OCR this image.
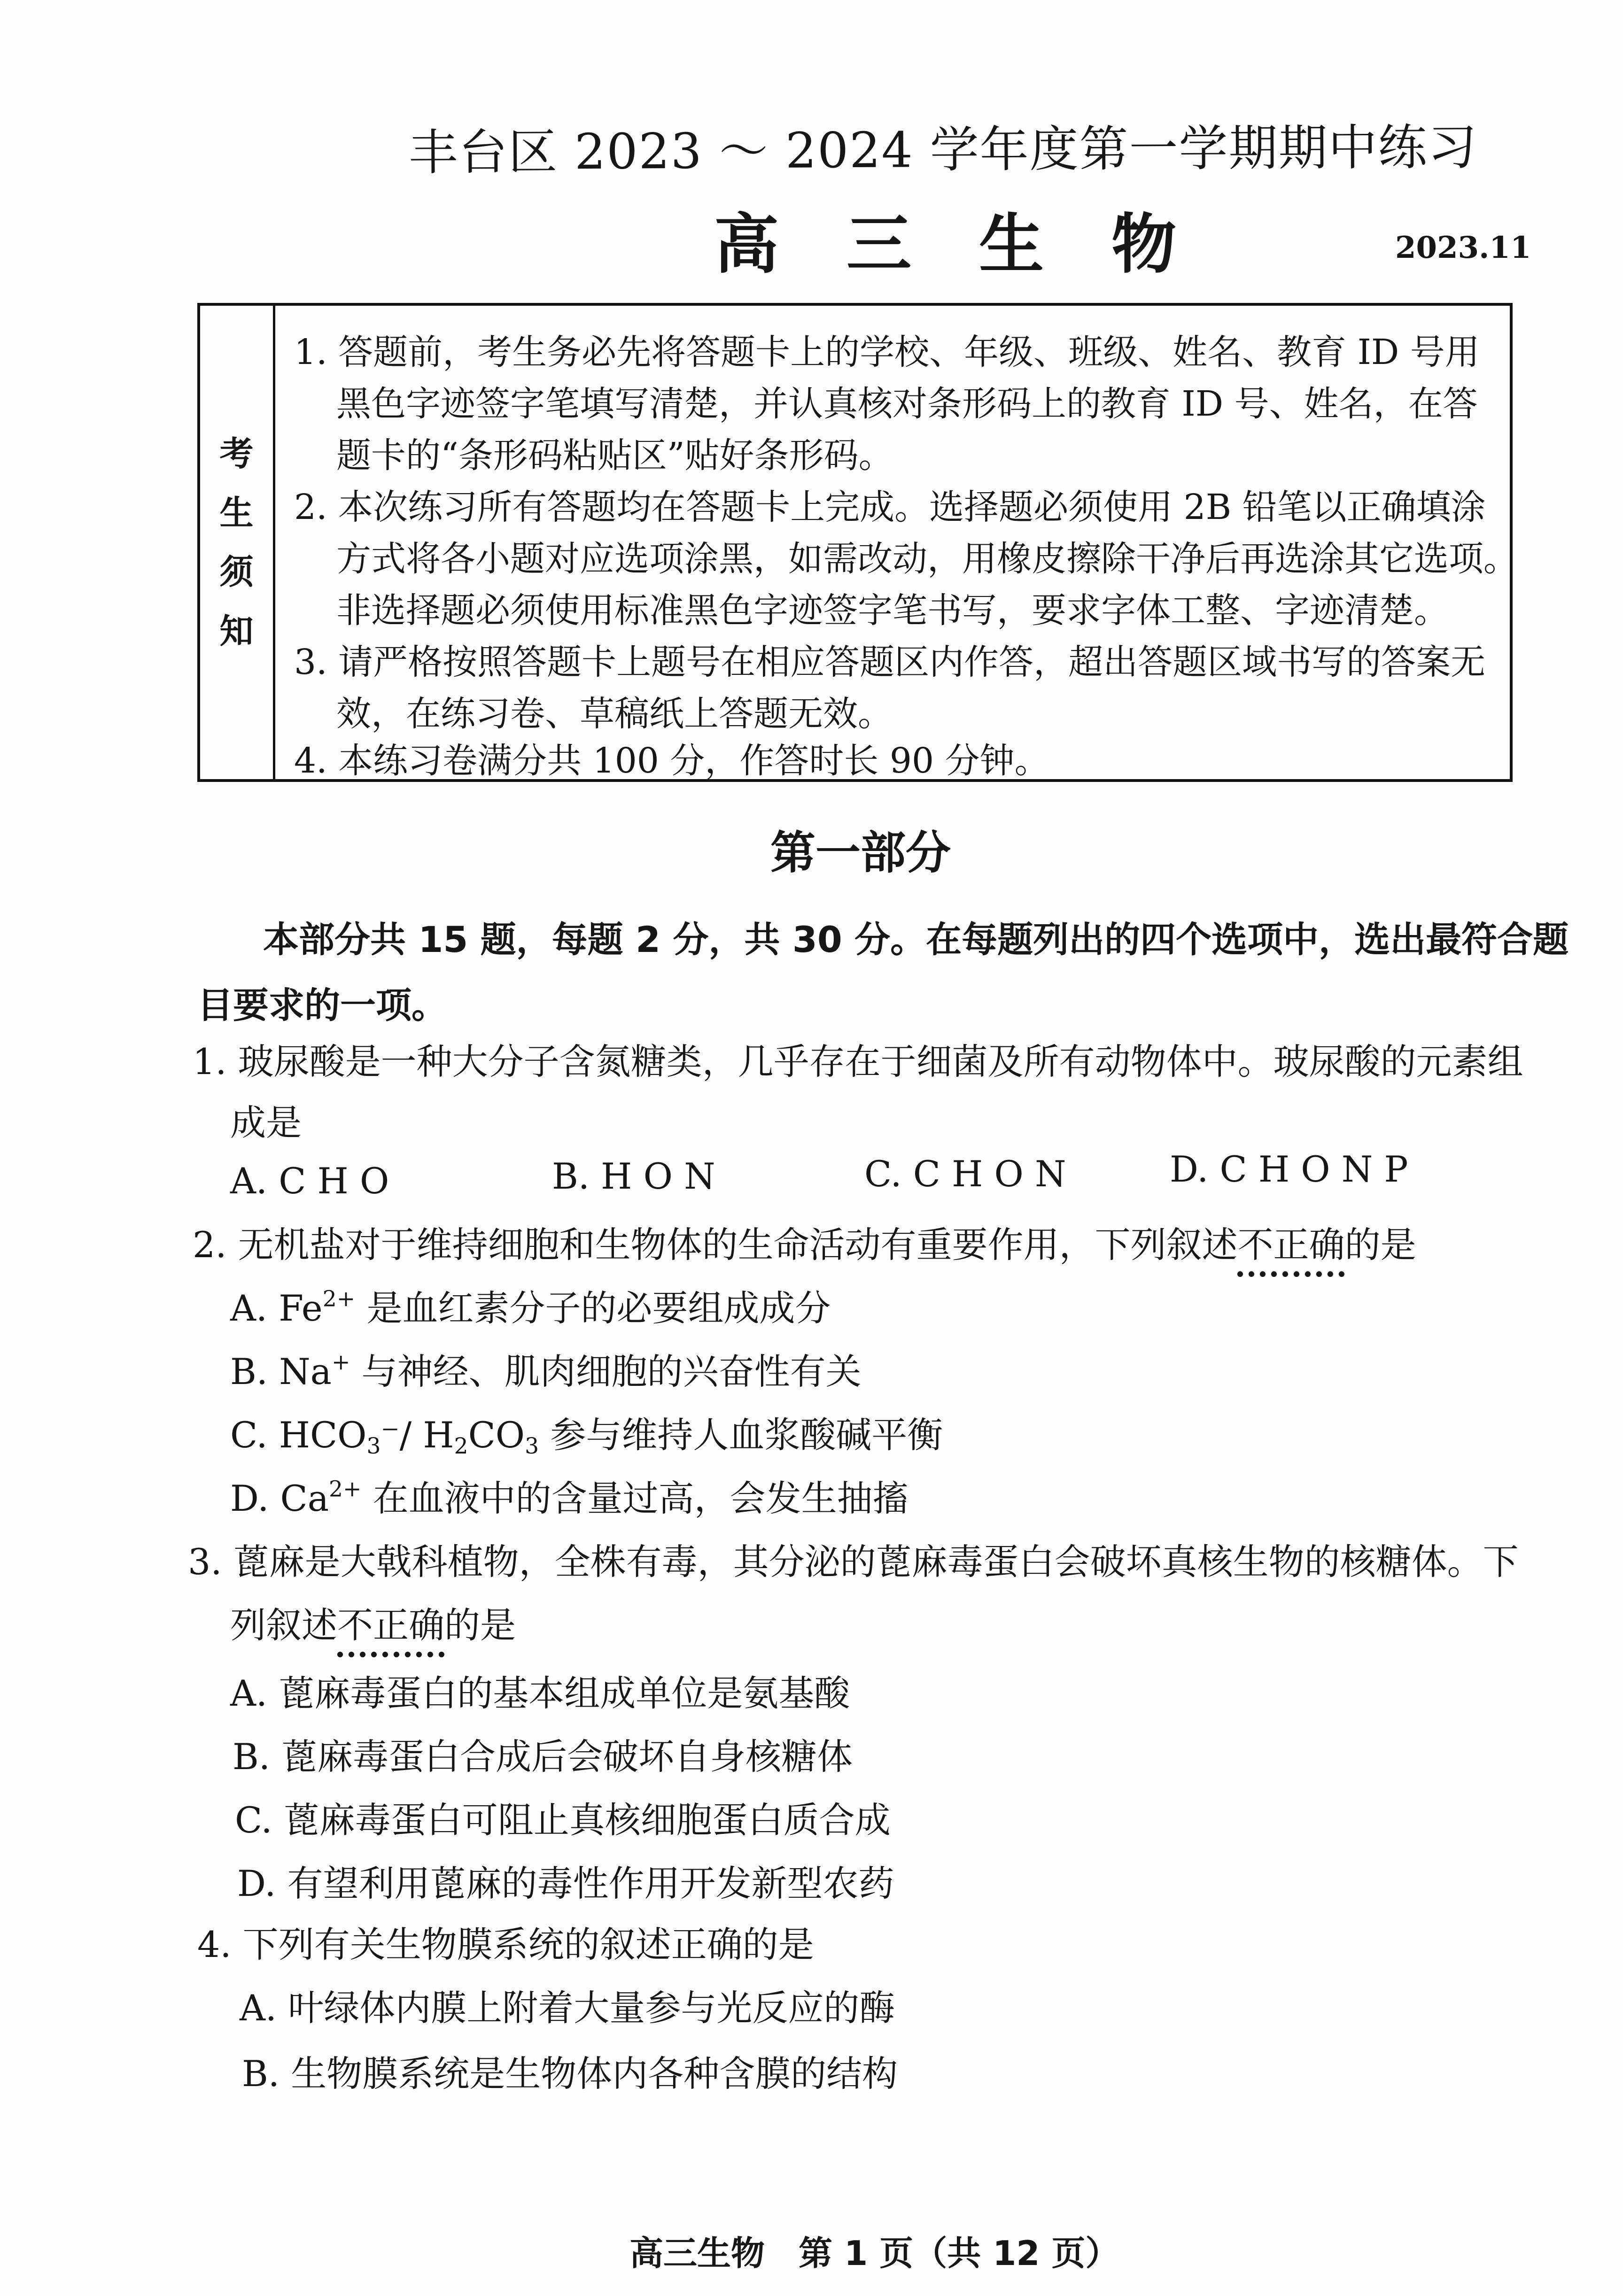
丰台区 2023 ～ 2024 学年度第一学期期中练习
高 三 生 物	2023.11
考
生
须
知
1. 答题前，考生务必先将答题卡上的学校、年级、班级、姓名、教育 ID 号用
黑色字迹签字笔填写清楚，并认真核对条形码上的教育 ID 号、姓名，在答
题卡的“条形码粘贴区”贴好条形码。
2. 本次练习所有答题均在答题卡上完成。选择题必须使用 2B 铅笔以正确填涂
方式将各小题对应选项涂黑，如需改动，用橡皮擦除干净后再选涂其它选项。
非选择题必须使用标准黑色字迹签字笔书写，要求字体工整、字迹清楚。
3. 请严格按照答题卡上题号在相应答题区内作答，超出答题区域书写的答案无
效，在练习卷、草稿纸上答题无效。
4. 本练习卷满分共 100 分，作答时长 90 分钟。
第一部分
本部分共 15 题，每题 2 分，共 30 分。在每题列出的四个选项中，选出最符合题
目要求的一项。
1. 玻尿酸是一种大分子含氮糖类，几乎存在于细菌及所有动物体中。玻尿酸的元素组
成是
A. C H O	B. H O N	C. C H O N	D. C H O N P
2. 无机盐对于维持细胞和生物体的生命活动有重要作用，下列叙述不正确的是
A. $Fe^{2+}$ 是血红素分子的必要组成成分
B. Na+ 与神经、肌肉细胞的兴奋性有关
C. $HCO_3^-/$ $H_2CO_3$ 参与维持人血浆酸碱平衡
D. $Ca^{2+}$ 在血液中的含量过高，会发生抽搐
3. 蓖麻是大戟科植物，全株有毒，其分泌的蓖麻毒蛋白会破坏真核生物的核糖体。下
列叙述不正确的是
A. 蓖麻毒蛋白的基本组成单位是氨基酸
B. 蓖麻毒蛋白合成后会破坏自身核糖体
C. 蓖麻毒蛋白可阻止真核细胞蛋白质合成
D. 有望利用蓖麻的毒性作用开发新型农药
4. 下列有关生物膜系统的叙述正确的是
A. 叶绿体内膜上附着大量参与光反应的酶
B. 生物膜系统是生物体内各种含膜的结构
高三生物　第 1 页（共 12 页）
